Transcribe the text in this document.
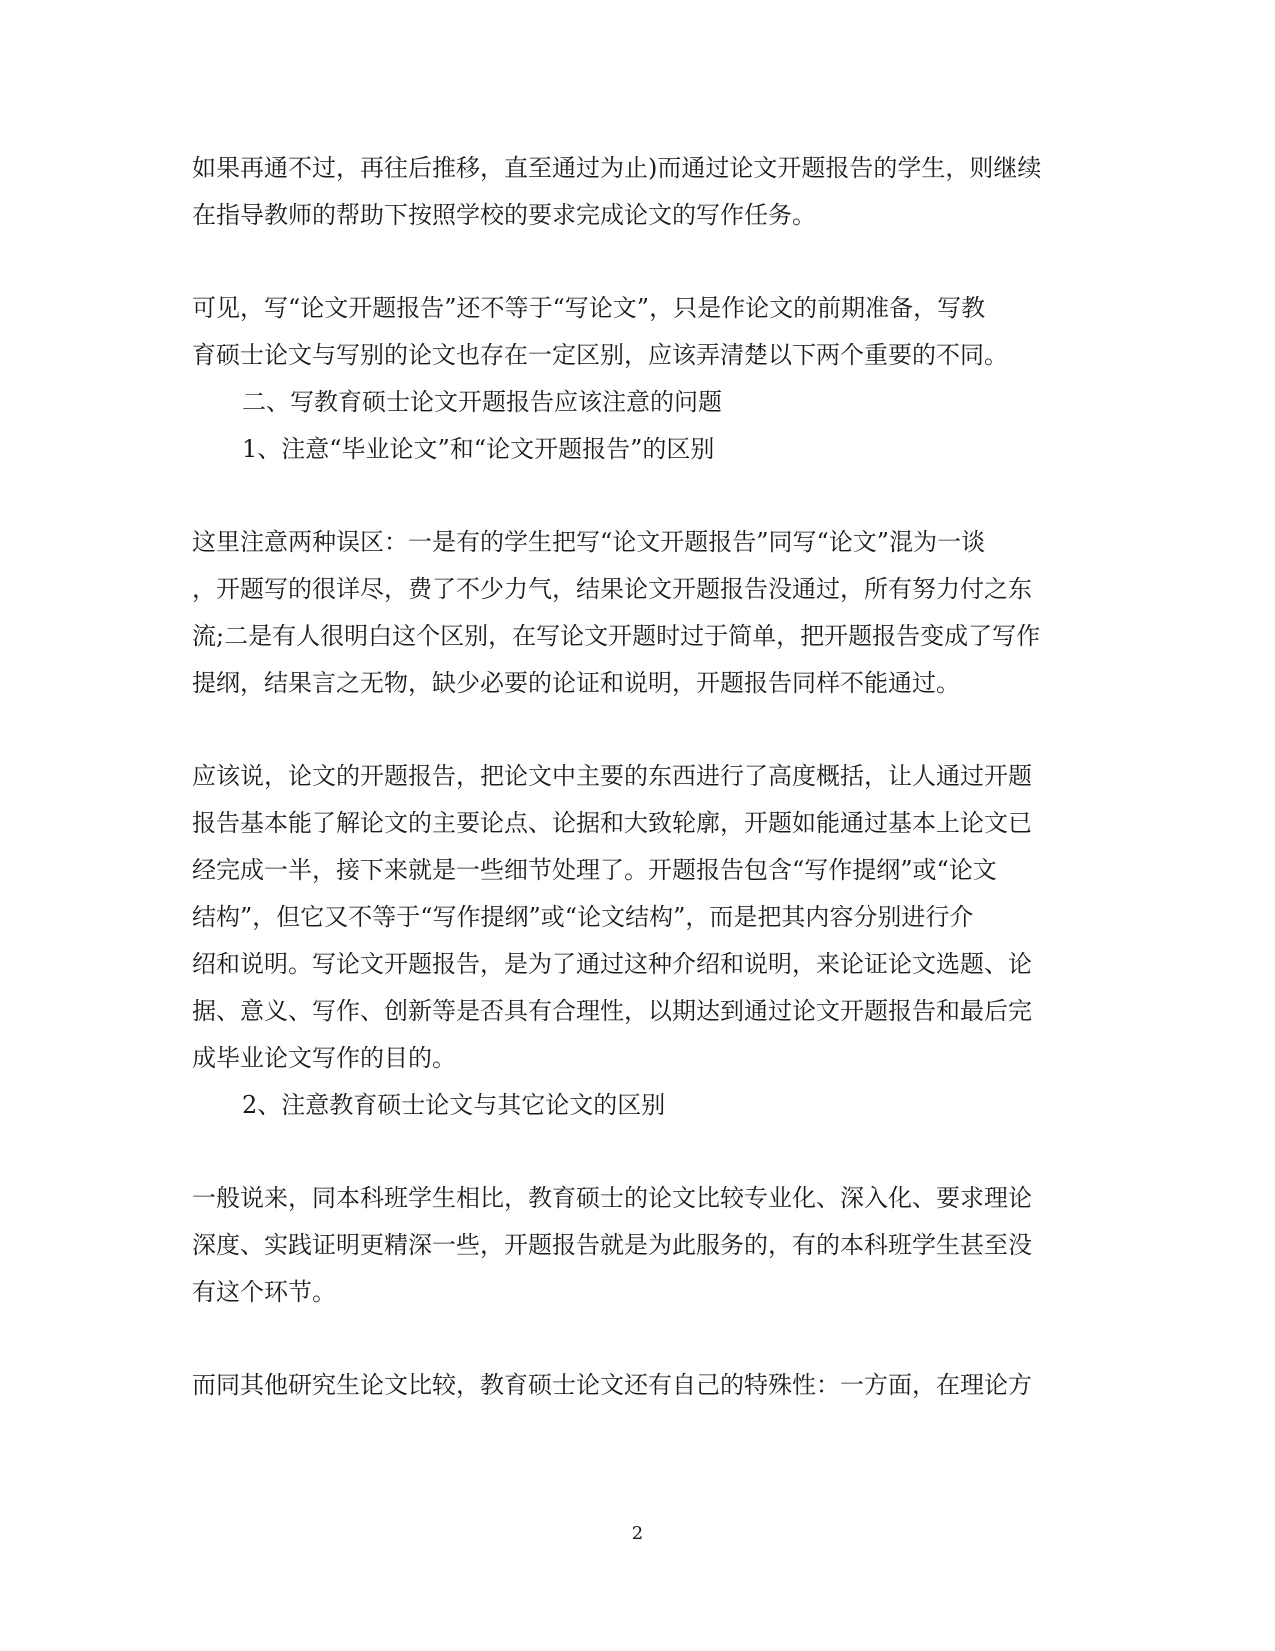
如果再通不过，再往后推移，直至通过为止)而通过论文开题报告的学生，则继续
在指导教师的帮助下按照学校的要求完成论文的写作任务。
可见，写“论文开题报告”还不等于“写论文”，只是作论文的前期准备，写教
育硕士论文与写别的论文也存在一定区别，应该弄清楚以下两个重要的不同。
二、写教育硕士论文开题报告应该注意的问题
1、注意“毕业论文”和“论文开题报告”的区别
这里注意两种误区：一是有的学生把写“论文开题报告”同写“论文”混为一谈
，开题写的很详尽，费了不少力气，结果论文开题报告没通过，所有努力付之东
流;二是有人很明白这个区别，在写论文开题时过于简单，把开题报告变成了写作
提纲，结果言之无物，缺少必要的论证和说明，开题报告同样不能通过。
应该说，论文的开题报告，把论文中主要的东西进行了高度概括，让人通过开题
报告基本能了解论文的主要论点、论据和大致轮廓，开题如能通过基本上论文已
经完成一半，接下来就是一些细节处理了。开题报告包含“写作提纲”或“论文
结构”，但它又不等于“写作提纲”或“论文结构”，而是把其内容分别进行介
绍和说明。写论文开题报告，是为了通过这种介绍和说明，来论证论文选题、论
据、意义、写作、创新等是否具有合理性，以期达到通过论文开题报告和最后完
成毕业论文写作的目的。
2、注意教育硕士论文与其它论文的区别
一般说来，同本科班学生相比，教育硕士的论文比较专业化、深入化、要求理论
深度、实践证明更精深一些，开题报告就是为此服务的，有的本科班学生甚至没
有这个环节。
而同其他研究生论文比较，教育硕士论文还有自己的特殊性：一方面，在理论方
2
